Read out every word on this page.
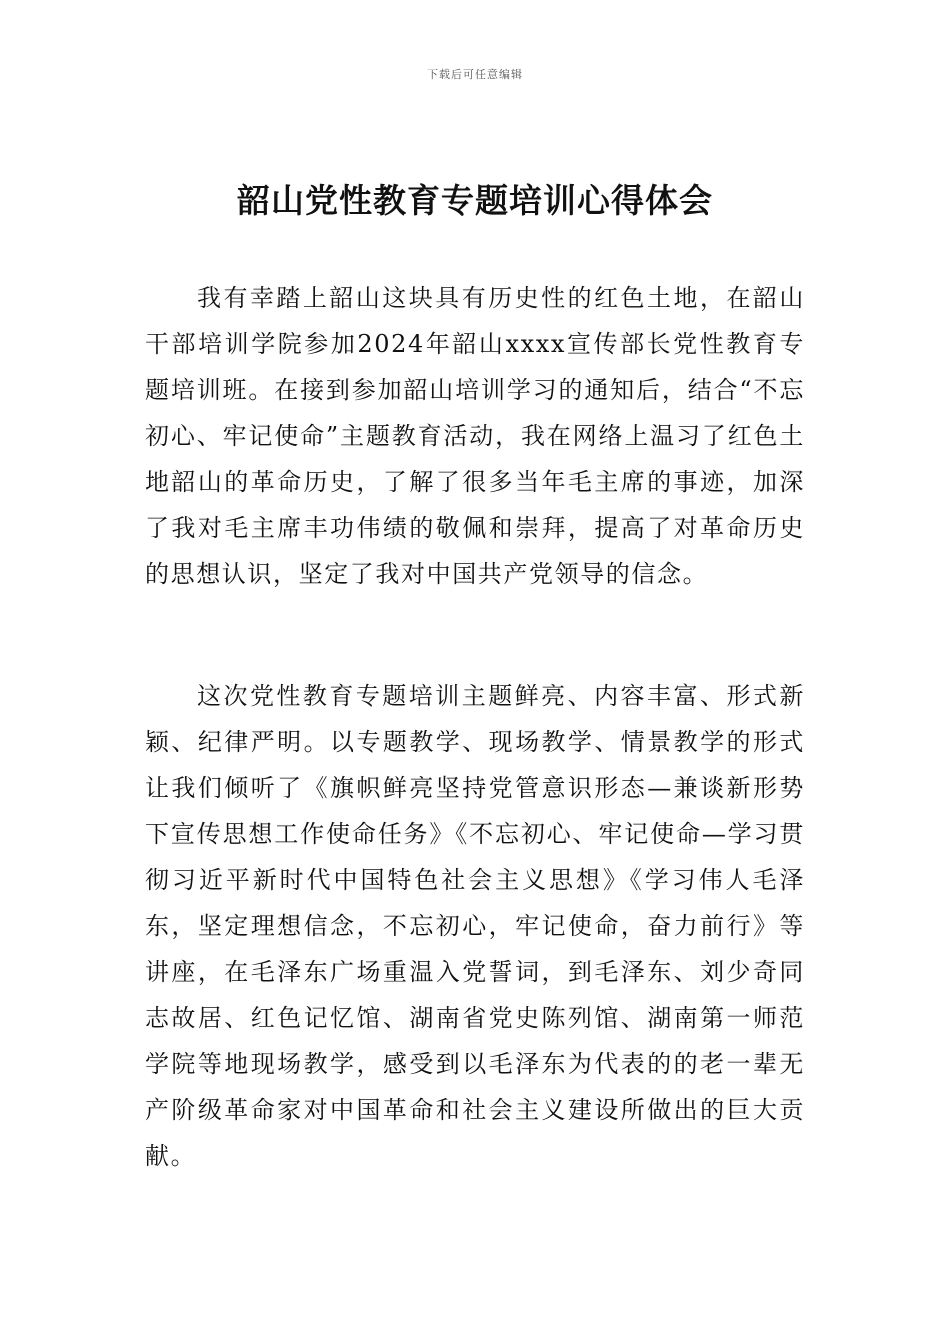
下载后可任意编辑
韶山党性教育专题培训心得体会

我有幸踏上韶山这块具有历史性的红色土地，在韶山干部培训学院参加2024年韶山xxxx宣传部长党性教育专题培训班。在接到参加韶山培训学习的通知后，结合“不忘初心、牢记使命”主题教育活动，我在网络上温习了红色土地韶山的革命历史，了解了很多当年毛主席的事迹，加深了我对毛主席丰功伟绩的敬佩和崇拜，提高了对革命历史的思想认识，坚定了我对中国共产党领导的信念。

这次党性教育专题培训主题鲜亮、内容丰富、形式新颖、纪律严明。以专题教学、现场教学、情景教学的形式让我们倾听了《旗帜鲜亮坚持党管意识形态—兼谈新形势下宣传思想工作使命任务》《不忘初心、牢记使命—学习贯彻习近平新时代中国特色社会主义思想》《学习伟人毛泽东，坚定理想信念，不忘初心，牢记使命，奋力前行》等讲座，在毛泽东广场重温入党誓词，到毛泽东、刘少奇同志故居、红色记忆馆、湖南省党史陈列馆、湖南第一师范学院等地现场教学，感受到以毛泽东为代表的的老一辈无产阶级革命家对中国革命和社会主义建设所做出的巨大贡献。
